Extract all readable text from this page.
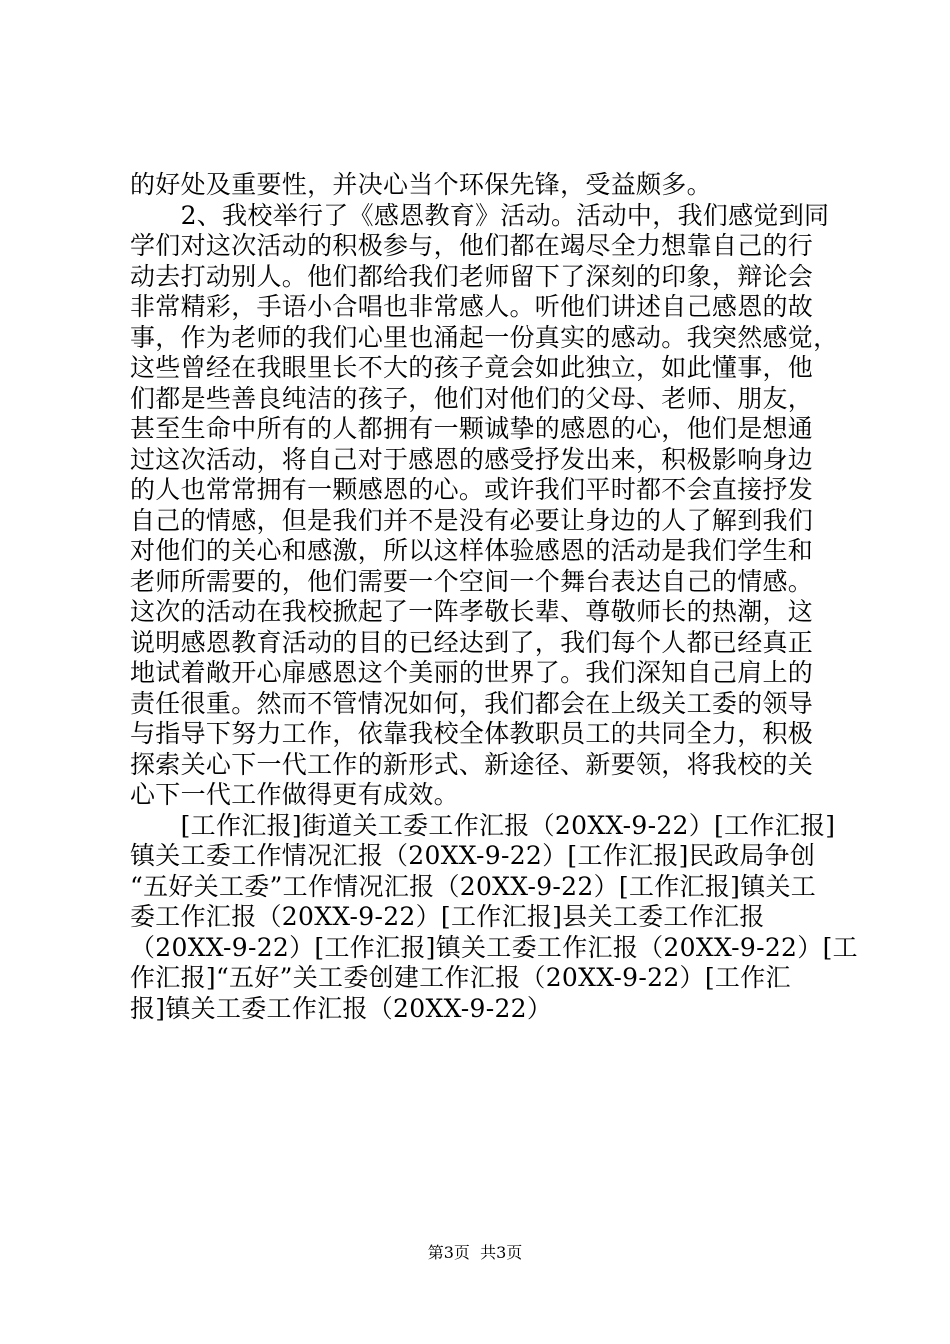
的好处及重要性，并决心当个环保先锋，受益颇多。
　　2、我校举行了《感恩教育》活动。活动中，我们感觉到同
学们对这次活动的积极参与，他们都在竭尽全力想靠自己的行
动去打动别人。他们都给我们老师留下了深刻的印象，辩论会
非常精彩，手语小合唱也非常感人。听他们讲述自己感恩的故
事，作为老师的我们心里也涌起一份真实的感动。我突然感觉，
这些曾经在我眼里长不大的孩子竟会如此独立，如此懂事，他
们都是些善良纯洁的孩子，他们对他们的父母、老师、朋友，
甚至生命中所有的人都拥有一颗诚挚的感恩的心，他们是想通
过这次活动，将自己对于感恩的感受抒发出来，积极影响身边
的人也常常拥有一颗感恩的心。或许我们平时都不会直接抒发
自己的情感，但是我们并不是没有必要让身边的人了解到我们
对他们的关心和感激，所以这样体验感恩的活动是我们学生和
老师所需要的，他们需要一个空间一个舞台表达自己的情感。
这次的活动在我校掀起了一阵孝敬长辈、尊敬师长的热潮，这
说明感恩教育活动的目的已经达到了，我们每个人都已经真正
地试着敞开心扉感恩这个美丽的世界了。我们深知自己肩上的
责任很重。然而不管情况如何，我们都会在上级关工委的领导
与指导下努力工作，依靠我校全体教职员工的共同全力，积极
探索关心下一代工作的新形式、新途径、新要领，将我校的关
心下一代工作做得更有成效。
　　[工作汇报]街道关工委工作汇报（20XX-9-22）[工作汇报]
镇关工委工作情况汇报（20XX-9-22）[工作汇报]民政局争创
“五好关工委”工作情况汇报（20XX-9-22）[工作汇报]镇关工
委工作汇报（20XX-9-22）[工作汇报]县关工委工作汇报
（20XX-9-22）[工作汇报]镇关工委工作汇报（20XX-9-22）[工
作汇报]“五好”关工委创建工作汇报（20XX-9-22）[工作汇
报]镇关工委工作汇报（20XX-9-22）
第3页  共3页
